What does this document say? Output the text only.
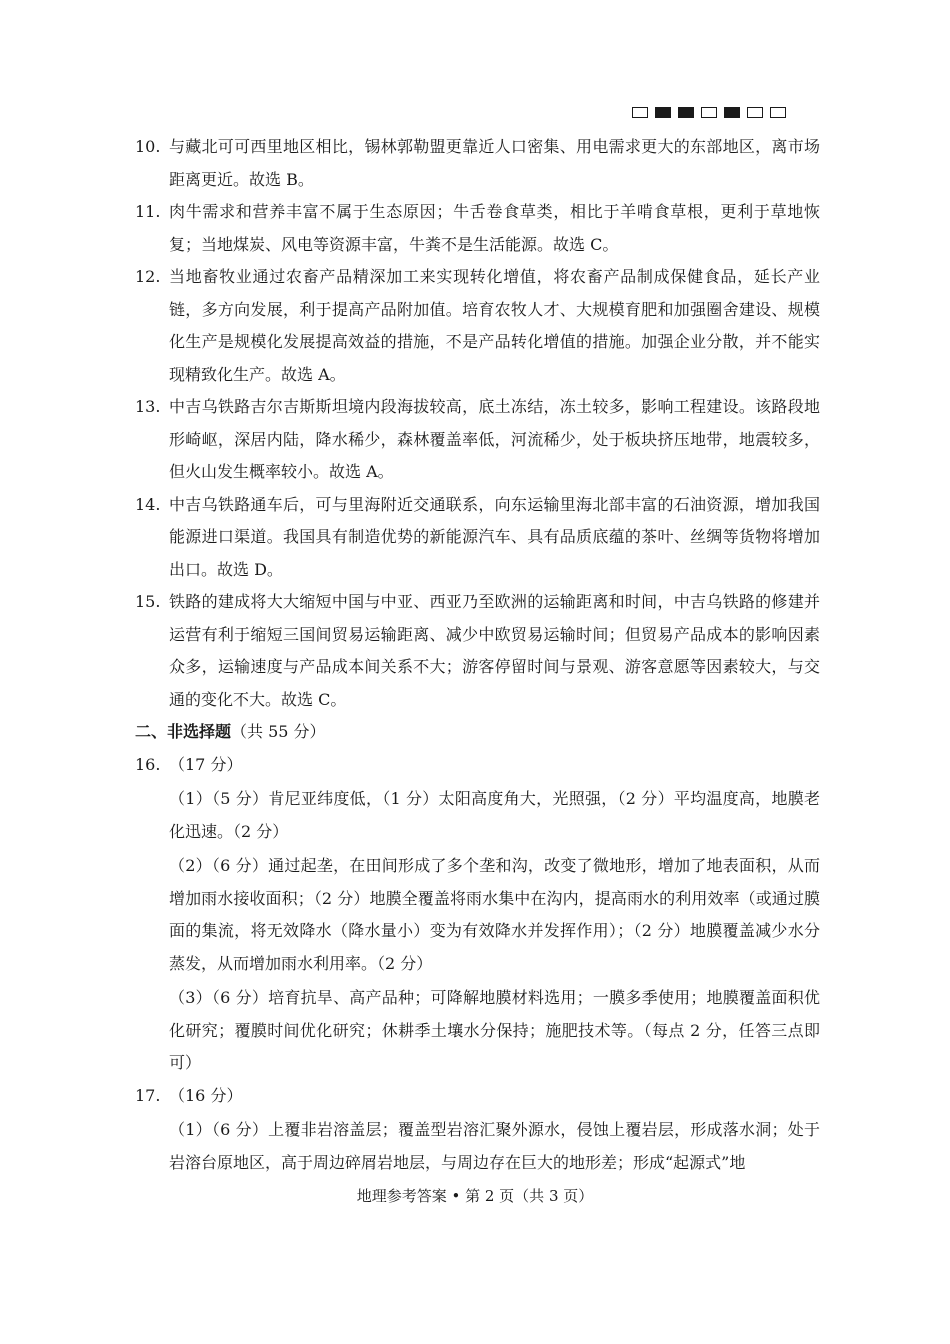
10. 与藏北可可西里地区相比，锡林郭勒盟更靠近人口密集、用电需求更大的东部地区，离市场距离更近。故选 B。
11. 肉牛需求和营养丰富不属于生态原因；牛舌卷食草类，相比于羊啃食草根，更利于草地恢复；当地煤炭、风电等资源丰富，牛粪不是生活能源。故选 C。
12. 当地畜牧业通过农畜产品精深加工来实现转化增值，将农畜产品制成保健食品，延长产业链，多方向发展，利于提高产品附加值。培育农牧人才、大规模育肥和加强圈舍建设、规模化生产是规模化发展提高效益的措施，不是产品转化增值的措施。加强企业分散，并不能实现精致化生产。故选 A。
13. 中吉乌铁路吉尔吉斯斯坦境内段海拔较高，底土冻结，冻土较多，影响工程建设。该路段地形崎岖，深居内陆，降水稀少，森林覆盖率低，河流稀少，处于板块挤压地带，地震较多，但火山发生概率较小。故选 A。
14. 中吉乌铁路通车后，可与里海附近交通联系，向东运输里海北部丰富的石油资源，增加我国能源进口渠道。我国具有制造优势的新能源汽车、具有品质底蕴的茶叶、丝绸等货物将增加出口。故选 D。
15. 铁路的建成将大大缩短中国与中亚、西亚乃至欧洲的运输距离和时间，中吉乌铁路的修建并运营有利于缩短三国间贸易运输距离、减少中欧贸易运输时间；但贸易产品成本的影响因素众多，运输速度与产品成本间关系不大；游客停留时间与景观、游客意愿等因素较大，与交通的变化不大。故选 C。
二、非选择题（共 55 分）
16. （17 分）
（1）（5 分）肯尼亚纬度低，（1 分）太阳高度角大，光照强，（2 分）平均温度高，地膜老化迅速。（2 分）
（2）（6 分）通过起垄，在田间形成了多个垄和沟，改变了微地形，增加了地表面积，从而增加雨水接收面积；（2 分）地膜全覆盖将雨水集中在沟内，提高雨水的利用效率（或通过膜面的集流，将无效降水（降水量小）变为有效降水并发挥作用）；（2 分）地膜覆盖减少水分蒸发，从而增加雨水利用率。（2 分）
（3）（6 分）培育抗旱、高产品种；可降解地膜材料选用；一膜多季使用；地膜覆盖面积优化研究；覆膜时间优化研究；休耕季土壤水分保持；施肥技术等。（每点 2 分，任答三点即可）
17. （16 分）
（1）（6 分）上覆非岩溶盖层；覆盖型岩溶汇聚外源水，侵蚀上覆岩层，形成落水洞；处于岩溶台原地区，高于周边碎屑岩地层，与周边存在巨大的地形差；形成“起源式”地
地理参考答案 • 第 2 页（共 3 页）
